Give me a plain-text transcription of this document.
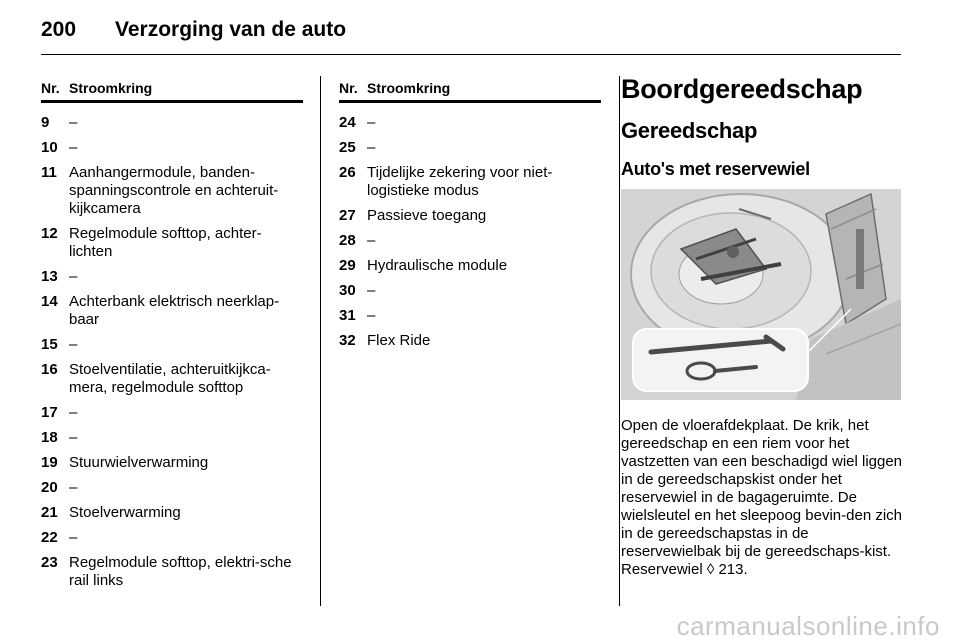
200 Verzorging van de auto
Nr. Stroomkring
9 –
10 –
11 Aanhangermodule, banden-spanningscontrole en achteruit-kijkcamera
12 Regelmodule softtop, achter-lichten
13 –
14 Achterbank elektrisch neerklap-baar
15 –
16 Stoelventilatie, achteruitkijkca-mera, regelmodule softtop
17 –
18 –
19 Stuurwielverwarming
20 –
21 Stoelverwarming
22 –
23 Regelmodule softtop, elektri-sche rail links
Nr. Stroomkring
24 –
25 –
26 Tijdelijke zekering voor niet-logistieke modus
27 Passieve toegang
28 –
29 Hydraulische module
30 –
31 –
32 Flex Ride
Boordgereedschap
Gereedschap
Auto's met reservewiel
Open de vloerafdekplaat. De krik, het gereedschap en een riem voor het vastzetten van een beschadigd wiel liggen in de gereedschapskist onder het reservewiel in de bagageruimte. De wielsleutel en het sleepoog bevin-den zich in de gereedschapstas in de reservewielbak bij de gereedschaps-kist. Reservewiel ◊ 213.
carmanualsonline.info
